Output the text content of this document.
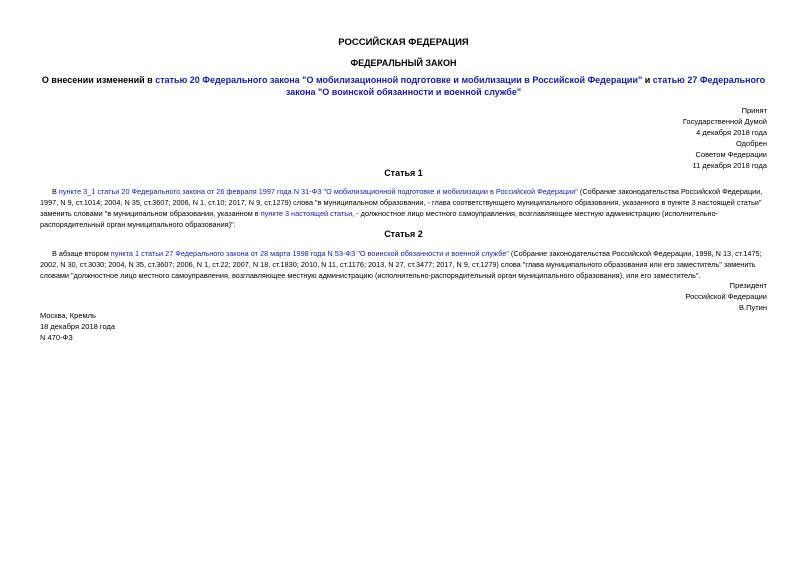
РОССИЙСКАЯ ФЕДЕРАЦИЯ
ФЕДЕРАЛЬНЫЙ ЗАКОН
О внесении изменений в статью 20 Федерального закона "О мобилизационной подготовке и мобилизации в Российской Федерации" и статью 27 Федерального закона "О воинской обязанности и военной службе"
Принят
Государственной Думой
4 декабря 2018 года
Одобрен
Советом Федерации
11 декабря 2018 года
Статья 1
В пункте 3_1 статьи 20 Федерального закона от 26 февраля 1997 года N 31-ФЗ "О мобилизационной подготовке и мобилизации в Российской Федерации" (Собрание законодательства Российской Федерации, 1997, N 9, ст.1014; 2004, N 35, ст.3607; 2006, N 1, ст.10; 2017, N 9, ст.1279) слова "в муниципальном образовании, - глава соответствующего муниципального образования, указанного в пункте 3 настоящей статьи" заменить словами "в муниципальном образовании, указанном в пункте 3 настоящей статьи, - должностное лицо местного самоуправления, возглавляющее местную администрацию (исполнительно-распорядительный орган муниципального образования)".
Статья 2
В абзаце втором пункта 1 статьи 27 Федерального закона от 28 марта 1998 года N 53-ФЗ "О воинской обязанности и военной службе" (Собрание законодательства Российской Федерации, 1998, N 13, ст.1475; 2002, N 30, ст.3030; 2004, N 35, ст.3607; 2006, N 1, ст.22; 2007, N 18, ст.1830; 2010, N 11, ст.1176; 2013, N 27, ст.3477; 2017, N 9, ст.1279) слова "глава муниципального образования или его заместитель" заменить словами "должностное лицо местного самоуправления, возглавляющее местную администрацию (исполнительно-распорядительный орган муниципального образования), или его заместитель".
Президент
Российской Федерации
В.Путин
Москва, Кремль
18 декабря 2018 года
N 470-ФЗ
